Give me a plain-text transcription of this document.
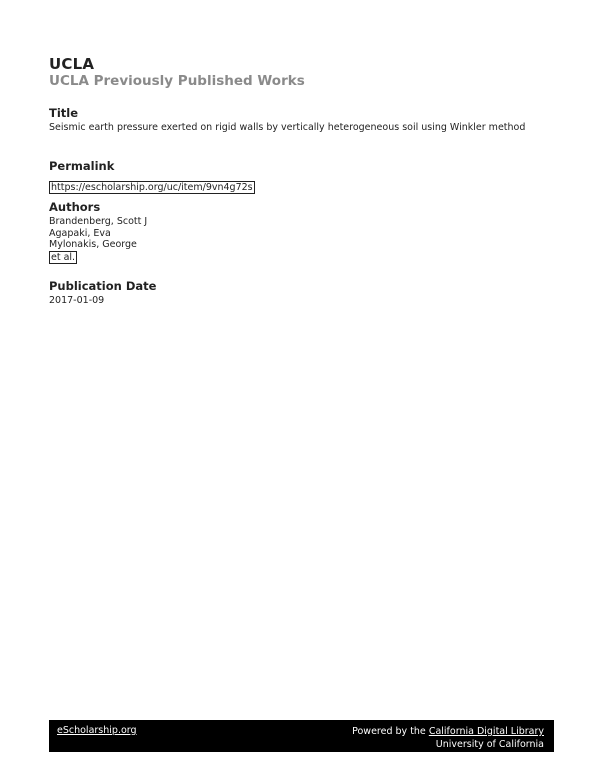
UCLA
UCLA Previously Published Works
Title
Seismic earth pressure exerted on rigid walls by vertically heterogeneous soil using Winkler method
Permalink
https://escholarship.org/uc/item/9vn4g72s
Authors
Brandenberg, Scott J
Agapaki, Eva
Mylonakis, George
et al.
Publication Date
2017-01-09
eScholarship.org	Powered by the California Digital Library
University of California
